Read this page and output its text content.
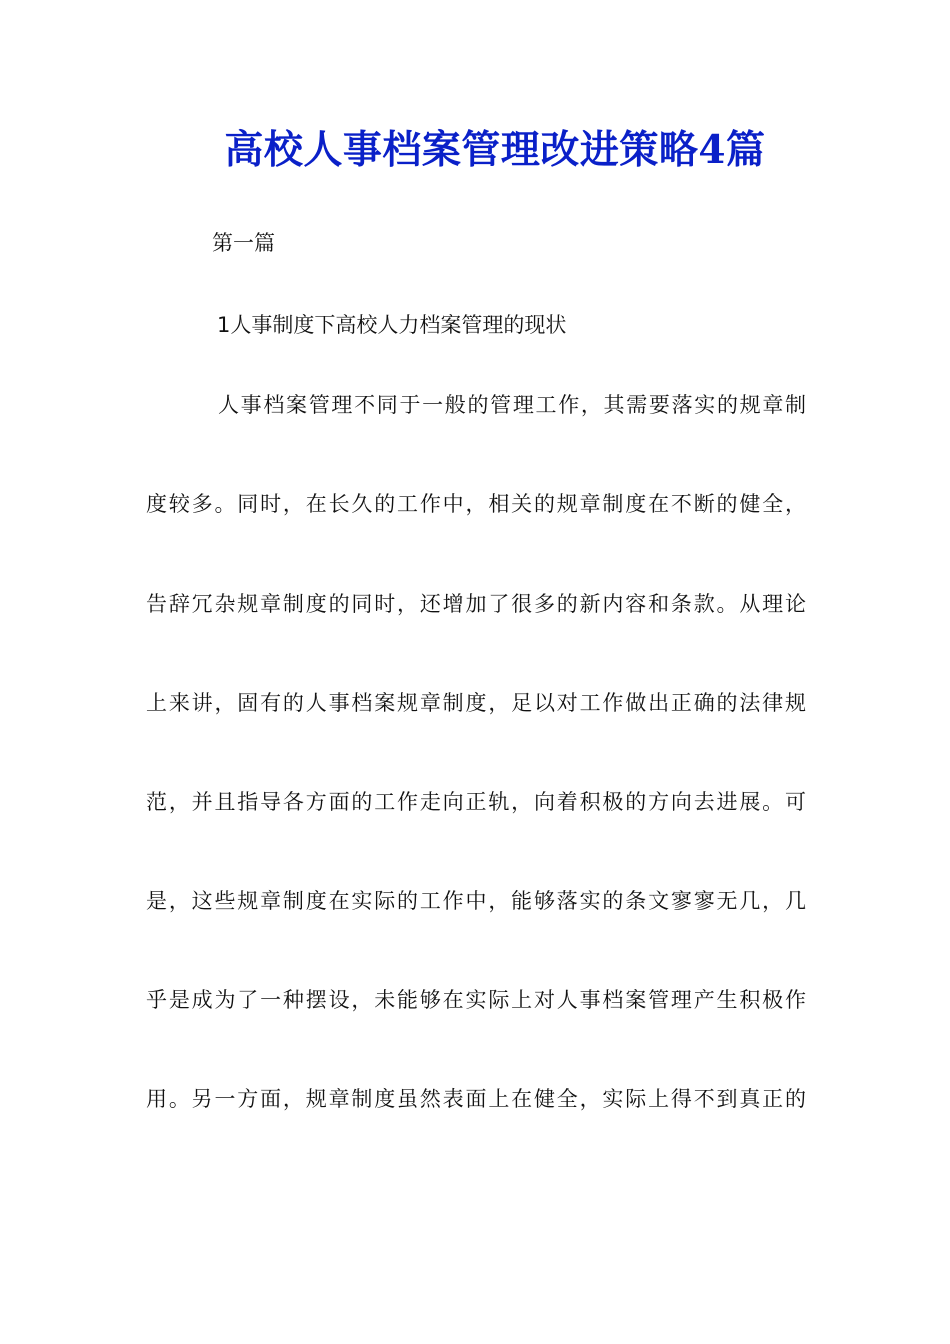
高校人事档案管理改进策略4篇
第一篇
1人事制度下高校人力档案管理的现状
人事档案管理不同于一般的管理工作，其需要落实的规章制
度较多。同时，在长久的工作中，相关的规章制度在不断的健全，
告辞冗杂规章制度的同时，还增加了很多的新内容和条款。从理论
上来讲，固有的人事档案规章制度，足以对工作做出正确的法律规
范，并且指导各方面的工作走向正轨，向着积极的方向去进展。可
是，这些规章制度在实际的工作中，能够落实的条文寥寥无几，几
乎是成为了一种摆设，未能够在实际上对人事档案管理产生积极作
用。另一方面，规章制度虽然表面上在健全，实际上得不到真正的
